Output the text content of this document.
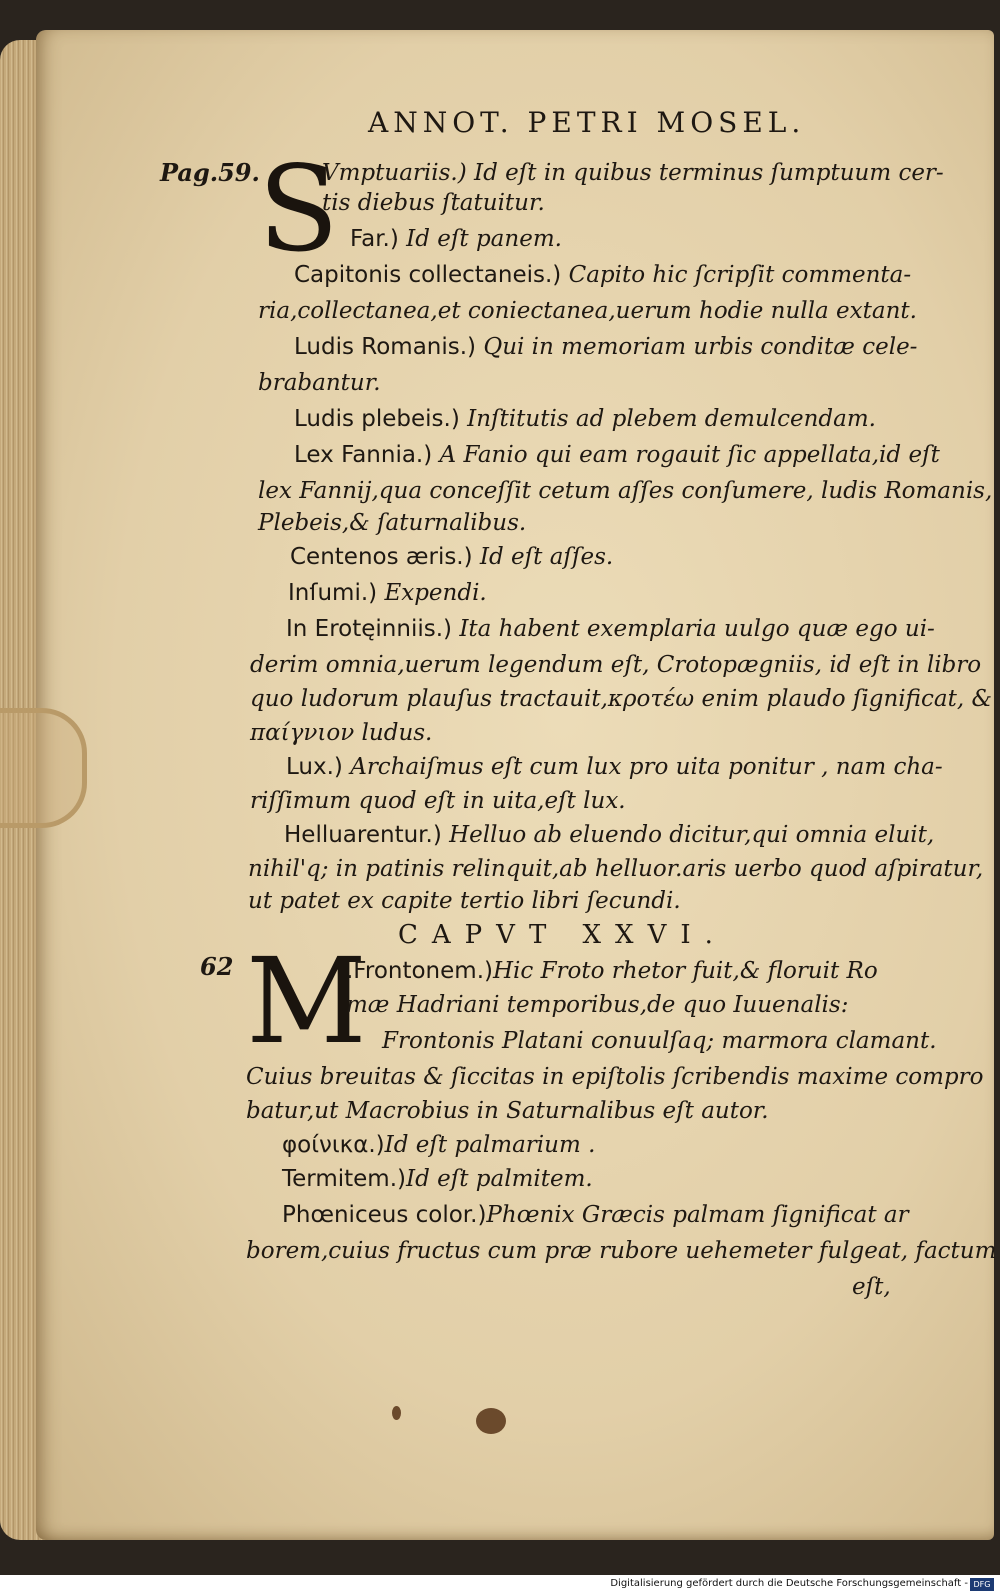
ANNOT. PETRI MOSEL.
Pag.59.
62
S
M
Vmptuariis.) Id eſt in quibus terminus ſumptuum cer-
tis diebus ſtatuitur.
Far.) Id eſt panem.
Capitonis collectaneis.) Capito hic ſcripſit commenta-
ria,collectanea,et coniectanea,uerum hodie nulla extant.
Ludis Romanis.) Qui in memoriam urbis conditæ cele-
brabantur.
Ludis plebeis.) Inſtitutis ad plebem demulcendam.
Lex Fannia.) A Fanio qui eam rogauit ſic appellata,id eſt
lex Fannij,qua conceſſit cetum aſſes conſumere, ludis Romanis,
Plebeis,& ſaturnalibus.
Centenos æris.) Id eſt aſſes.
Inſumi.) Expendi.
In Erotęinniis.) Ita habent exemplaria uulgo quæ ego ui-
derim omnia,uerum legendum eſt, Crotopægniis, id eſt in libro
quo ludorum plauſus tractauit,κροτέω enim plaudo ſignificat, &
παίγνιον ludus.
Lux.) Archaiſmus eſt cum lux pro uita ponitur , nam cha-
riſſimum quod eſt in uita,eſt lux.
Helluarentur.) Helluo ab eluendo dicitur,qui omnia eluit,
nihil'q; in patinis relinquit,ab helluor.aris uerbo quod aſpiratur,
ut patet ex capite tertio libri ſecundi.
CAPVT XXVI.
.Frontonem.)Hic Froto rhetor fuit,& floruit Ro
mæ Hadriani temporibus,de quo Iuuenalis:
Frontonis Platani conuulſaq; marmora clamant.
Cuius breuitas & ſiccitas in epiſtolis ſcribendis maxime compro
batur,ut Macrobius in Saturnalibus eſt autor.
φοίνικα.)Id eſt palmarium .
Termitem.)Id eſt palmitem.
Phœniceus color.)Phœnix Græcis palmam ſignificat ar
borem,cuius fructus cum præ rubore uehemeter fulgeat, factum
eſt,
Digitalisierung gefördert durch die Deutsche Forschungsgemeinschaft - DFG
